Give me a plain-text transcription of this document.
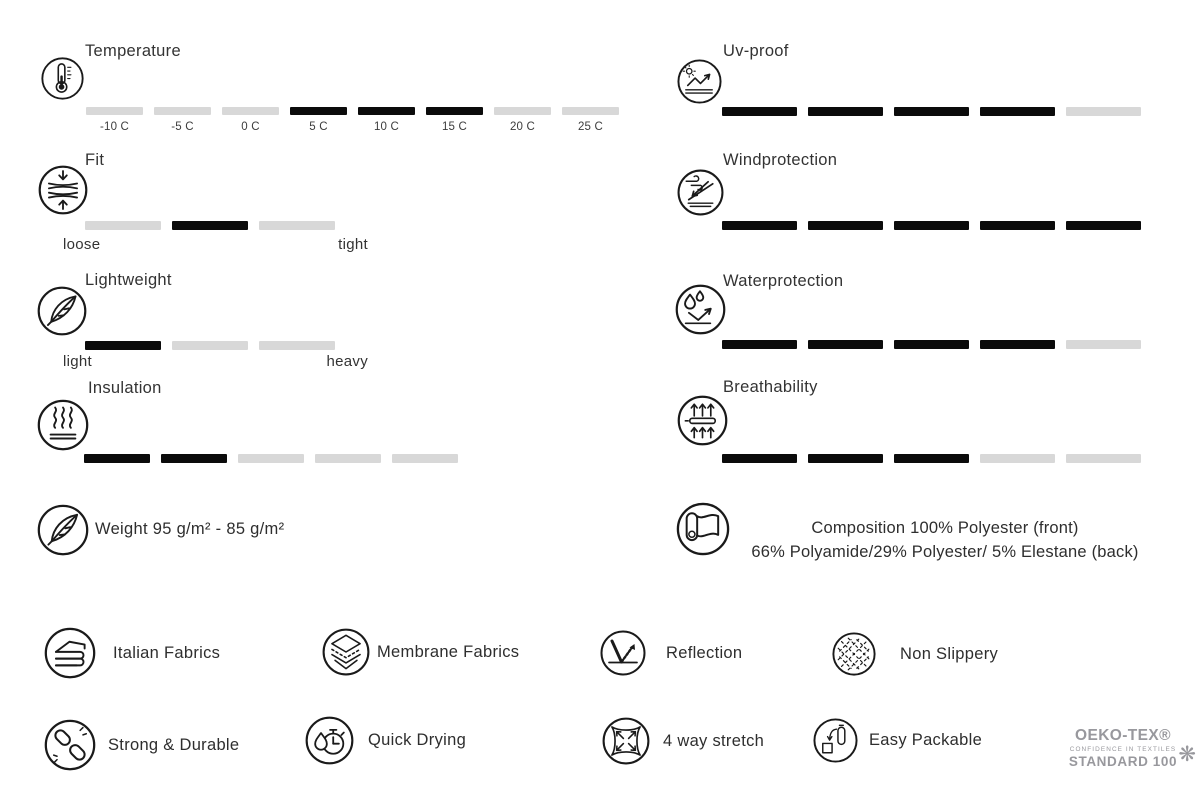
Temperature
-10 C	-5 C	0 C	5 C	10 C	15 C	20 C	25 C
Fit
loose	tight
Lightweight
light	heavy
Insulation
Weight 95 g/m² - 85 g/m²
Uv-proof
Windprotection
Waterprotection
Breathability
Composition 100% Polyester (front)
66% Polyamide/29% Polyester/ 5% Elestane (back)
Italian Fabrics	Membrane Fabrics	Reflection	Non Slippery
Strong & Durable	Quick Drying	4 way stretch	Easy Packable	OEKO-TEX®
CONFIDENCE IN TEXTILES
STANDARD 100 ❋
